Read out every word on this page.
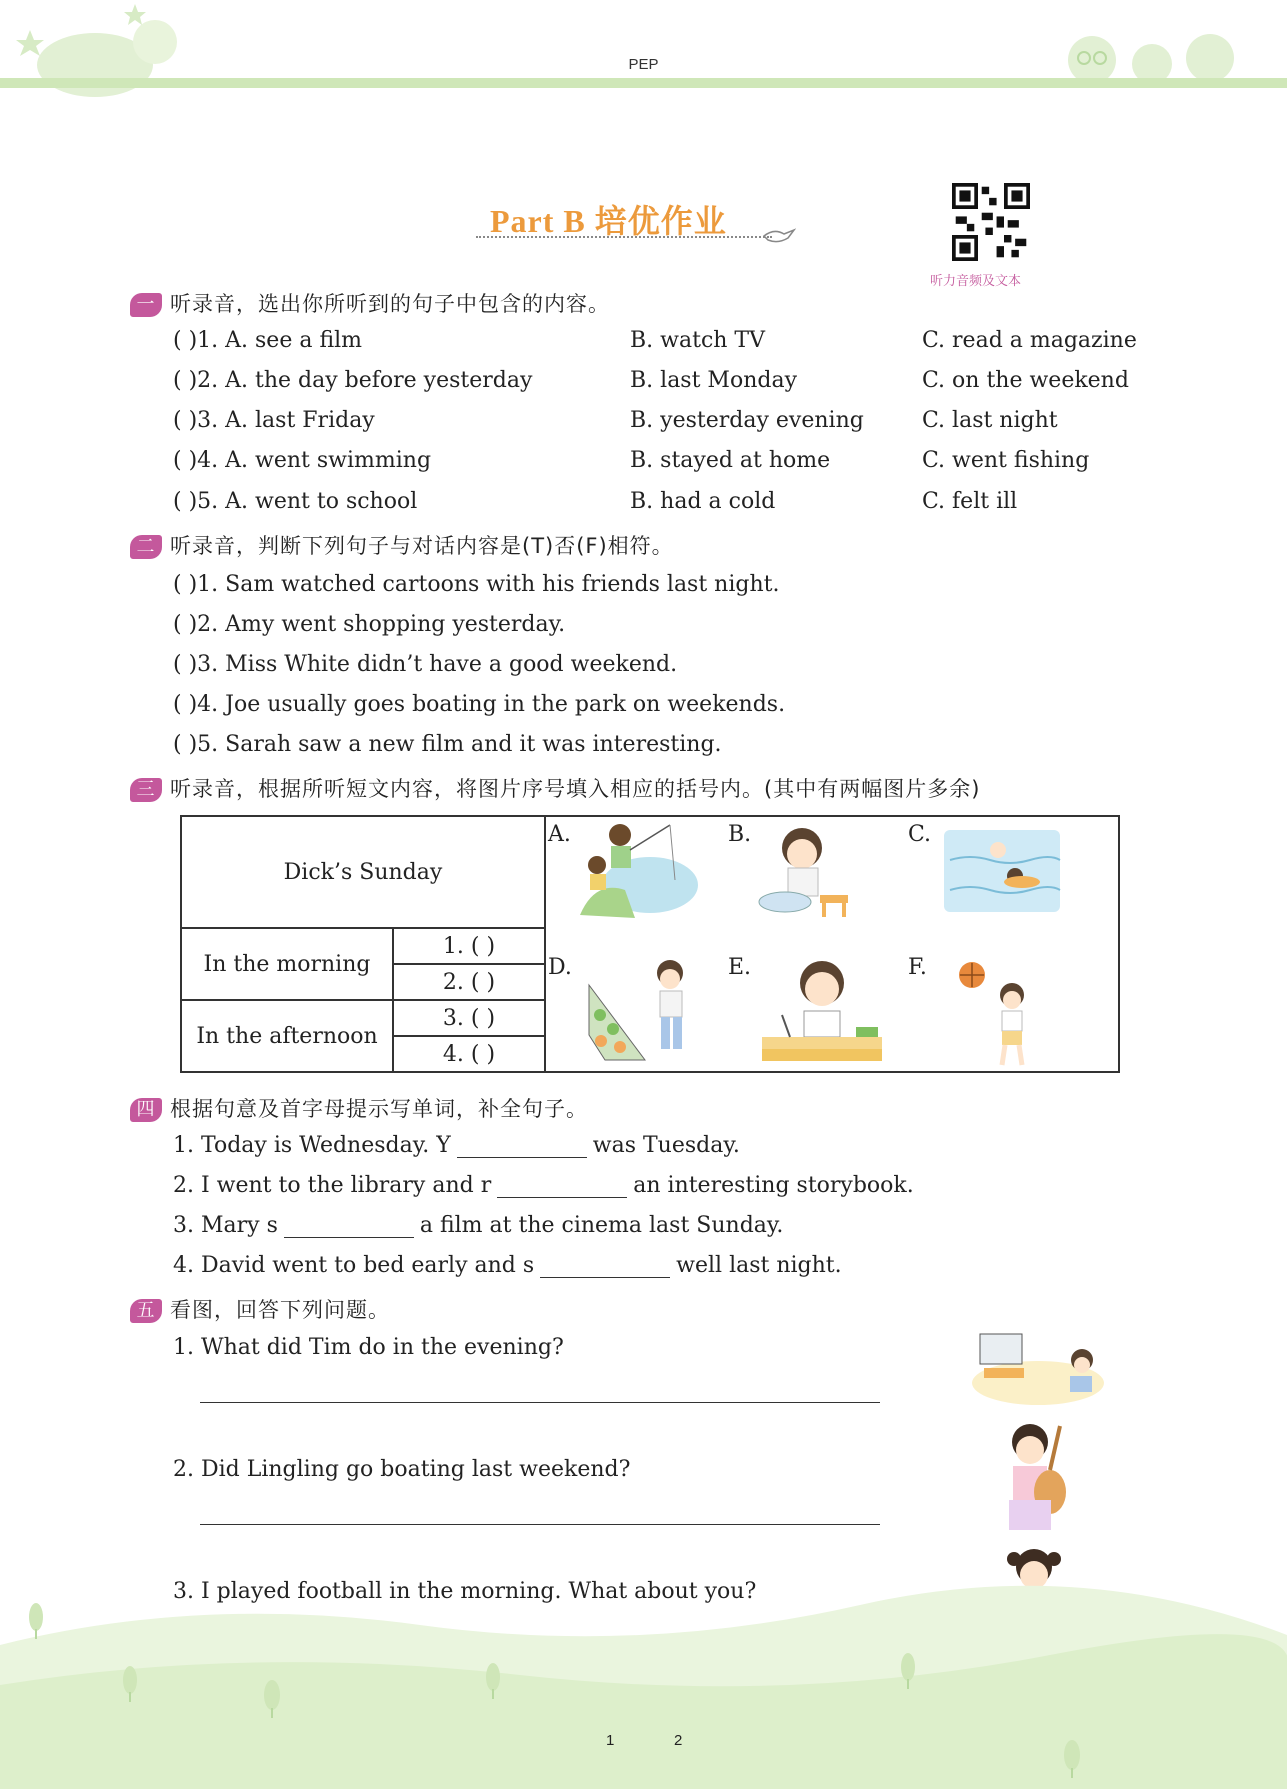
PEP
Part B 培优作业
听力音频及文本
一 听录音，选出你所听到的句子中包含的内容。
( )1. A. see a film	B. watch TV	C. read a magazine
( )2. A. the day before yesterday	B. last Monday	C. on the weekend
( )3. A. last Friday	B. yesterday evening	C. last night
( )4. A. went swimming	B. stayed at home	C. went fishing
( )5. A. went to school	B. had a cold	C. felt ill
二 听录音，判断下列句子与对话内容是(T)否(F)相符。
( )1. Sam watched cartoons with his friends last night.
( )2. Amy went shopping yesterday.
( )3. Miss White didn’t have a good weekend.
( )4. Joe usually goes boating in the park on weekends.
( )5. Sarah saw a new film and it was interesting.
三 听录音，根据所听短文内容，将图片序号填入相应的括号内。(其中有两幅图片多余)
Dick’s Sunday		
In the morning	1. ( )	
	2. ( )	
In the afternoon	3. ( )	
	4. ( )	
A.	B.	C.
D.	E.	F.
四 根据句意及首字母提示写单词，补全句子。
1. Today is Wednesday. Y	was Tuesday.
2. I went to the library and r	an interesting storybook.
3. Mary s	a film at the cinema last Sunday.
4. David went to bed early and s	well last night.
五 看图，回答下列问题。
1. What did Tim do in the evening?
2. Did Lingling go boating last weekend?
3. I played football in the morning. What about you?
1	2
